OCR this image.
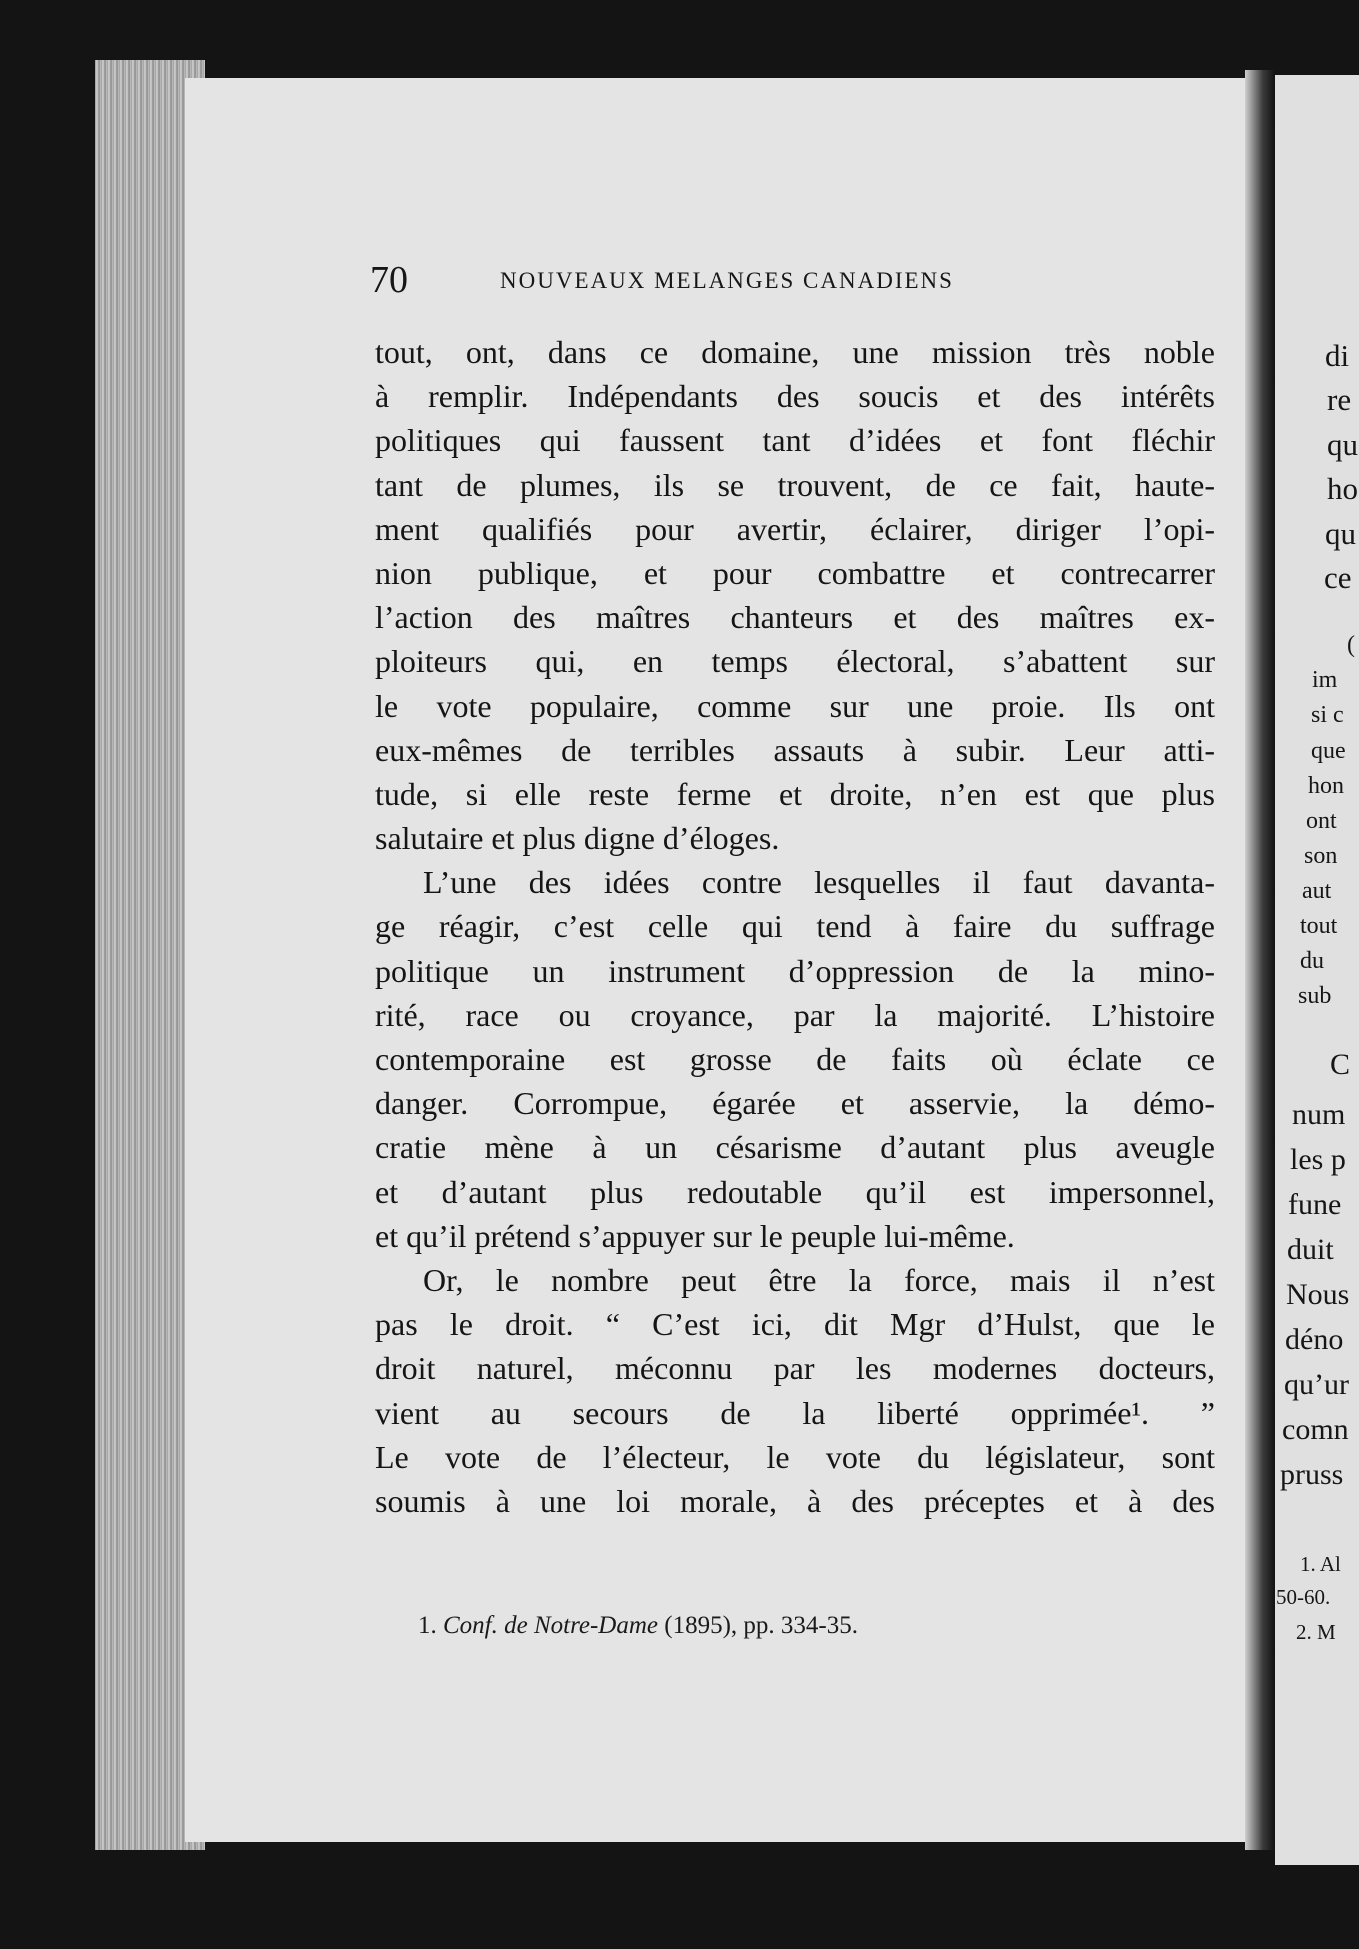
70	NOUVEAUX MELANGES CANADIENS
tout, ont, dans ce domaine, une mission très noble
à remplir. Indépendants des soucis et des intérêts
politiques qui faussent tant d’idées et font fléchir
tant de plumes, ils se trouvent, de ce fait, haute-
ment qualifiés pour avertir, éclairer, diriger l’opi-
nion publique, et pour combattre et contrecarrer
l’action des maîtres chanteurs et des maîtres ex-
ploiteurs qui, en temps électoral, s’abattent sur
le vote populaire, comme sur une proie. Ils ont
eux-mêmes de terribles assauts à subir. Leur atti-
tude, si elle reste ferme et droite, n’en est que plus
salutaire et plus digne d’éloges.
L’une des idées contre lesquelles il faut davanta-
ge réagir, c’est celle qui tend à faire du suffrage
politique un instrument d’oppression de la mino-
rité, race ou croyance, par la majorité. L’histoire
contemporaine est grosse de faits où éclate ce
danger. Corrompue, égarée et asservie, la démo-
cratie mène à un césarisme d’autant plus aveugle
et d’autant plus redoutable qu’il est impersonnel,
et qu’il prétend s’appuyer sur le peuple lui-même.
Or, le nombre peut être la force, mais il n’est
pas le droit. “ C’est ici, dit Mgr d’Hulst, que le
droit naturel, méconnu par les modernes docteurs,
vient au secours de la liberté opprimée¹. ”
Le vote de l’électeur, le vote du législateur, sont
soumis à une loi morale, à des préceptes et à des
1. Conf. de Notre-Dame (1895), pp. 334-35.
di
re
qu
ho
qu
ce
(
im
si c
que
hon
ont
son
aut
tout
du
sub
C
num
les p
fune
duit
Nous
déno
qu’ur
comn
pruss
1. Al
50-60.
2. M
